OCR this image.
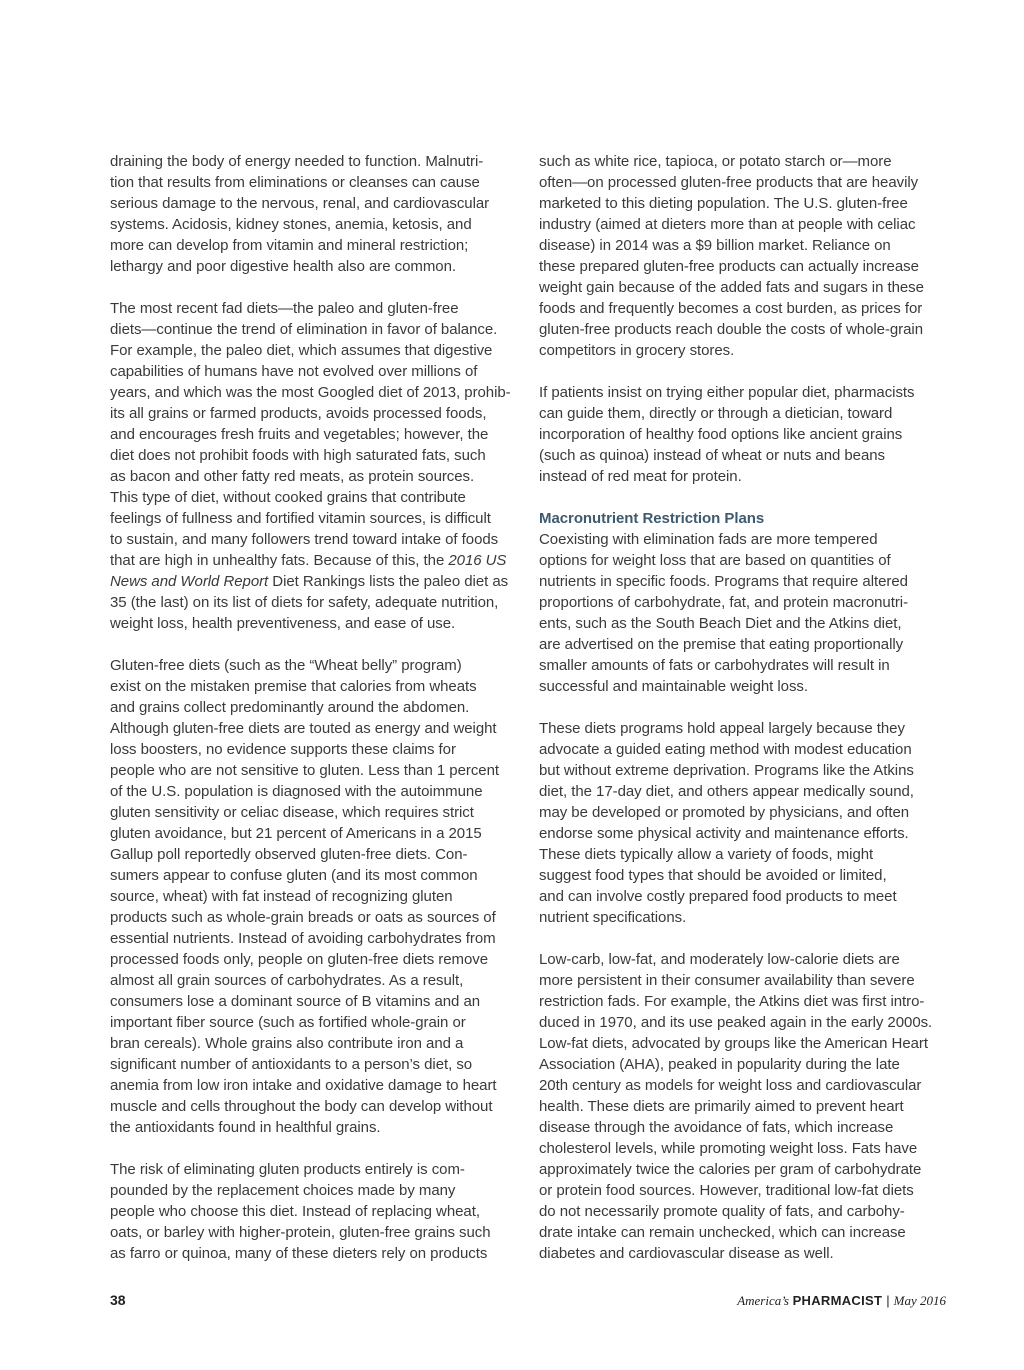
draining the body of energy needed to function. Malnutri-
tion that results from eliminations or cleanses can cause
serious damage to the nervous, renal, and cardiovascular
systems. Acidosis, kidney stones, anemia, ketosis, and
more can develop from vitamin and mineral restriction;
lethargy and poor digestive health also are common.
The most recent fad diets—the paleo and gluten-free
diets—continue the trend of elimination in favor of balance.
For example, the paleo diet, which assumes that digestive
capabilities of humans have not evolved over millions of
years, and which was the most Googled diet of 2013, prohib-
its all grains or farmed products, avoids processed foods,
and encourages fresh fruits and vegetables; however, the
diet does not prohibit foods with high saturated fats, such
as bacon and other fatty red meats, as protein sources.
This type of diet, without cooked grains that contribute
feelings of fullness and fortified vitamin sources, is difficult
to sustain, and many followers trend toward intake of foods
that are high in unhealthy fats. Because of this, the 2016 US
News and World Report Diet Rankings lists the paleo diet as
35 (the last) on its list of diets for safety, adequate nutrition,
weight loss, health preventiveness, and ease of use.
Gluten-free diets (such as the “Wheat belly” program)
exist on the mistaken premise that calories from wheats
and grains collect predominantly around the abdomen.
Although gluten-free diets are touted as energy and weight
loss boosters, no evidence supports these claims for
people who are not sensitive to gluten. Less than 1 percent
of the U.S. population is diagnosed with the autoimmune
gluten sensitivity or celiac disease, which requires strict
gluten avoidance, but 21 percent of Americans in a 2015
Gallup poll reportedly observed gluten-free diets. Con-
sumers appear to confuse gluten (and its most common
source, wheat) with fat instead of recognizing gluten
products such as whole-grain breads or oats as sources of
essential nutrients. Instead of avoiding carbohydrates from
processed foods only, people on gluten-free diets remove
almost all grain sources of carbohydrates. As a result,
consumers lose a dominant source of B vitamins and an
important fiber source (such as fortified whole-grain or
bran cereals). Whole grains also contribute iron and a
significant number of antioxidants to a person’s diet, so
anemia from low iron intake and oxidative damage to heart
muscle and cells throughout the body can develop without
the antioxidants found in healthful grains.
The risk of eliminating gluten products entirely is com-
pounded by the replacement choices made by many
people who choose this diet. Instead of replacing wheat,
oats, or barley with higher-protein, gluten-free grains such
as farro or quinoa, many of these dieters rely on products
such as white rice, tapioca, or potato starch or—more
often—on processed gluten-free products that are heavily
marketed to this dieting population. The U.S. gluten-free
industry (aimed at dieters more than at people with celiac
disease) in 2014 was a $9 billion market. Reliance on
these prepared gluten-free products can actually increase
weight gain because of the added fats and sugars in these
foods and frequently becomes a cost burden, as prices for
gluten-free products reach double the costs of whole-grain
competitors in grocery stores.
If patients insist on trying either popular diet, pharmacists
can guide them, directly or through a dietician, toward
incorporation of healthy food options like ancient grains
(such as quinoa) instead of wheat or nuts and beans
instead of red meat for protein.
Macronutrient Restriction Plans
Coexisting with elimination fads are more tempered
options for weight loss that are based on quantities of
nutrients in specific foods. Programs that require altered
proportions of carbohydrate, fat, and protein macronutri-
ents, such as the South Beach Diet and the Atkins diet,
are advertised on the premise that eating proportionally
smaller amounts of fats or carbohydrates will result in
successful and maintainable weight loss.
These diets programs hold appeal largely because they
advocate a guided eating method with modest education
but without extreme deprivation. Programs like the Atkins
diet, the 17-day diet, and others appear medically sound,
may be developed or promoted by physicians, and often
endorse some physical activity and maintenance efforts.
These diets typically allow a variety of foods, might
suggest food types that should be avoided or limited,
and can involve costly prepared food products to meet
nutrient specifications.
Low-carb, low-fat, and moderately low-calorie diets are
more persistent in their consumer availability than severe
restriction fads. For example, the Atkins diet was first intro-
duced in 1970, and its use peaked again in the early 2000s.
Low-fat diets, advocated by groups like the American Heart
Association (AHA), peaked in popularity during the late
20th century as models for weight loss and cardiovascular
health. These diets are primarily aimed to prevent heart
disease through the avoidance of fats, which increase
cholesterol levels, while promoting weight loss. Fats have
approximately twice the calories per gram of carbohydrate
or protein food sources. However, traditional low-fat diets
do not necessarily promote quality of fats, and carbohy-
drate intake can remain unchecked, which can increase
diabetes and cardiovascular disease as well.
38	America’s PHARMACIST | May 2016
